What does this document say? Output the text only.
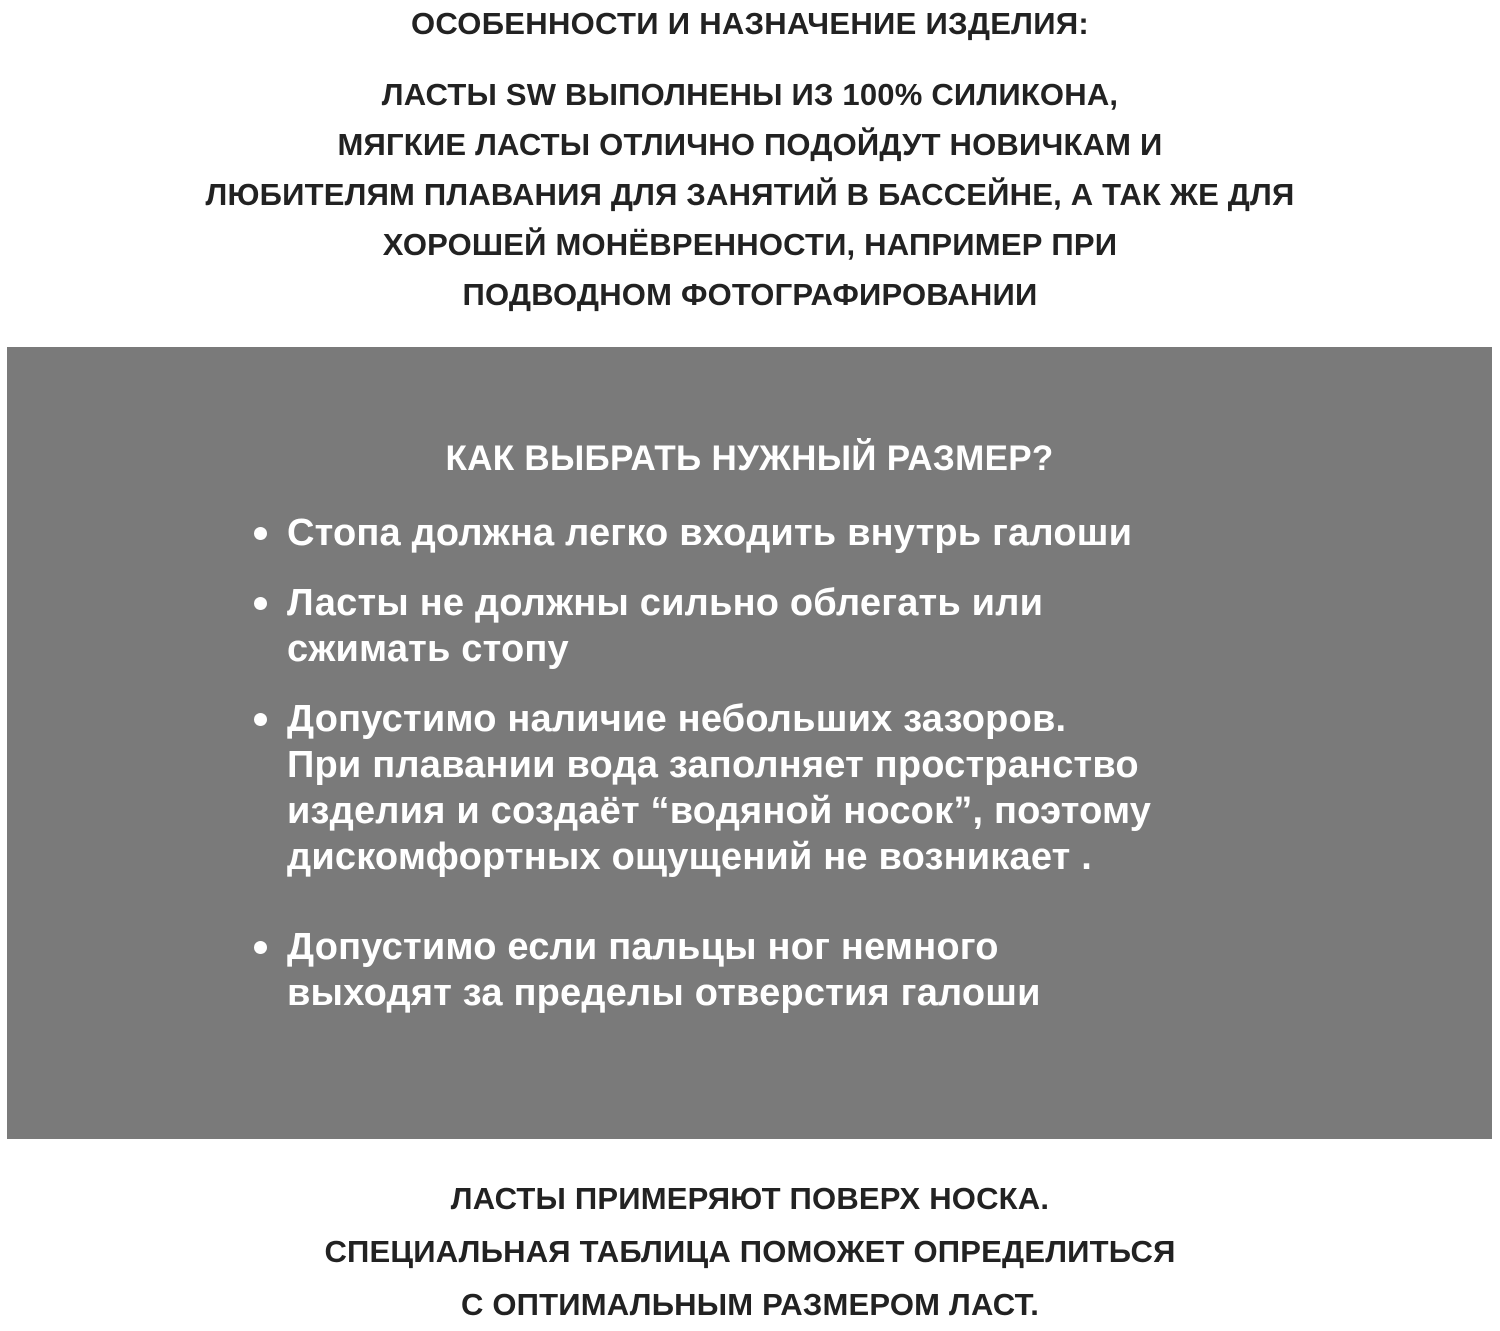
ОСОБЕННОСТИ И НАЗНАЧЕНИЕ ИЗДЕЛИЯ:
ЛАСТЫ SW ВЫПОЛНЕНЫ ИЗ 100% СИЛИКОНА,
МЯГКИЕ ЛАСТЫ ОТЛИЧНО ПОДОЙДУТ НОВИЧКАМ И
ЛЮБИТЕЛЯМ ПЛАВАНИЯ ДЛЯ ЗАНЯТИЙ В БАССЕЙНЕ, А ТАК ЖЕ ДЛЯ
ХОРОШЕЙ МОНЁВРЕННОСТИ, НАПРИМЕР ПРИ
ПОДВОДНОМ ФОТОГРАФИРОВАНИИ
КАК ВЫБРАТЬ НУЖНЫЙ РАЗМЕР?
Стопа должна легко входить внутрь галоши
Ласты не должны сильно облегать или
сжимать стопу
Допустимо наличие небольших зазоров.
При плавании вода заполняет пространство
изделия и создаёт “водяной носок”, поэтому
дискомфортных ощущений не возникает .
Допустимо если пальцы ног немного
выходят за пределы отверстия галоши
ЛАСТЫ ПРИМЕРЯЮТ ПОВЕРХ НОСКА.
СПЕЦИАЛЬНАЯ ТАБЛИЦА ПОМОЖЕТ ОПРЕДЕЛИТЬСЯ
С ОПТИМАЛЬНЫМ РАЗМЕРОМ ЛАСТ.
